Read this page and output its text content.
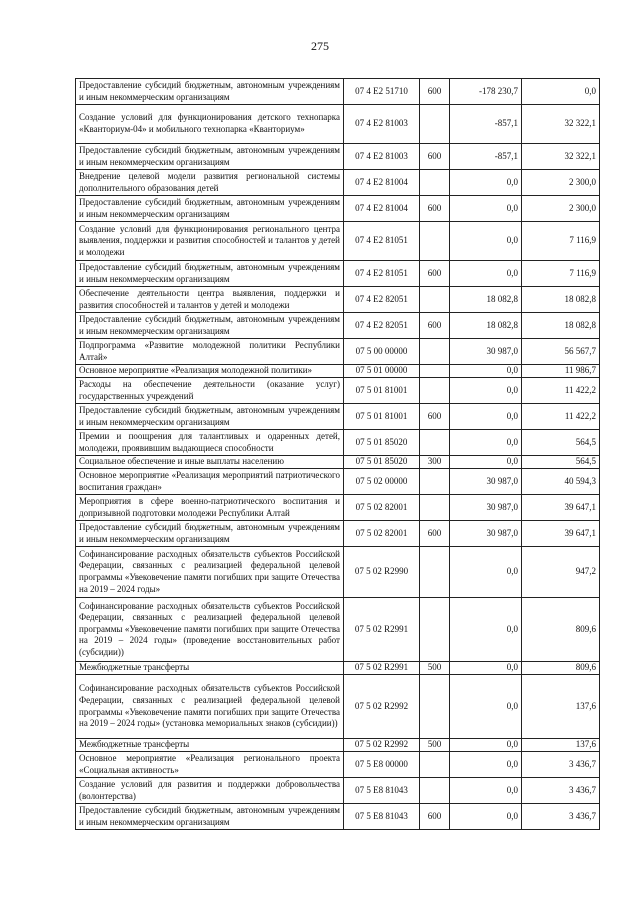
275
Предоставление субсидий бюджетным, автономным учреждениям и иным некоммерческим организациям	07 4 E2 51710	600	-178 230,7	0,0
Создание условий для функционирования детского технопарка «Кванториум-04» и мобильного технопарка «Кванториум»	07 4 E2 81003		-857,1	32 322,1
Предоставление субсидий бюджетным, автономным учреждениям и иным некоммерческим организациям	07 4 E2 81003	600	-857,1	32 322,1
Внедрение целевой модели развития региональной системы дополнительного образования детей	07 4 E2 81004		0,0	2 300,0
Предоставление субсидий бюджетным, автономным учреждениям и иным некоммерческим организациям	07 4 E2 81004	600	0,0	2 300,0
Создание условий для функционирования регионального центра выявления, поддержки и развития способностей и талантов у детей и молодежи	07 4 E2 81051		0,0	7 116,9
Предоставление субсидий бюджетным, автономным учреждениям и иным некоммерческим организациям	07 4 E2 81051	600	0,0	7 116,9
Обеспечение деятельности центра выявления, поддержки и развития способностей и талантов у детей и молодежи	07 4 E2 82051		18 082,8	18 082,8
Предоставление субсидий бюджетным, автономным учреждениям и иным некоммерческим организациям	07 4 E2 82051	600	18 082,8	18 082,8
Подпрограмма «Развитие молодежной политики Республики Алтай»	07 5 00 00000		30 987,0	56 567,7
Основное мероприятие «Реализация молодежной политики»	07 5 01 00000		0,0	11 986,7
Расходы на обеспечение деятельности (оказание услуг) государственных учреждений	07 5 01 81001		0,0	11 422,2
Предоставление субсидий бюджетным, автономным учреждениям и иным некоммерческим организациям	07 5 01 81001	600	0,0	11 422,2
Премии и поощрения для талантливых и одаренных детей, молодежи, проявившим выдающиеся способности	07 5 01 85020		0,0	564,5
Социальное обеспечение и иные выплаты населению	07 5 01 85020	300	0,0	564,5
Основное мероприятие «Реализация мероприятий патриотического воспитания граждан»	07 5 02 00000		30 987,0	40 594,3
Мероприятия в сфере военно-патриотического воспитания и допризывной подготовки молодежи Республики Алтай	07 5 02 82001		30 987,0	39 647,1
Предоставление субсидий бюджетным, автономным учреждениям и иным некоммерческим организациям	07 5 02 82001	600	30 987,0	39 647,1
Софинансирование расходных обязательств субъектов Российской Федерации, связанных с реализацией федеральной целевой программы «Увековечение памяти погибших при защите Отечества на 2019 – 2024 годы»	07 5 02 R2990		0,0	947,2
Софинансирование расходных обязательств субъектов Российской Федерации, связанных с реализацией федеральной целевой программы «Увековечение памяти погибших при защите Отечества на 2019 – 2024 годы» (проведение восстановительных работ (субсидии))	07 5 02 R2991		0,0	809,6
Межбюджетные трансферты	07 5 02 R2991	500	0,0	809,6
Софинансирование расходных обязательств субъектов Российской Федерации, связанных с реализацией федеральной целевой программы «Увековечение памяти погибших при защите Отечества на 2019 – 2024 годы» (установка мемориальных знаков (субсидии))	07 5 02 R2992		0,0	137,6
Межбюджетные трансферты	07 5 02 R2992	500	0,0	137,6
Основное мероприятие «Реализация регионального проекта «Социальная активность»	07 5 E8 00000		0,0	3 436,7
Создание условий для развития и поддержки добровольчества (волонтерства)	07 5 E8 81043		0,0	3 436,7
Предоставление субсидий бюджетным, автономным учреждениям и иным некоммерческим организациям	07 5 E8 81043	600	0,0	3 436,7
